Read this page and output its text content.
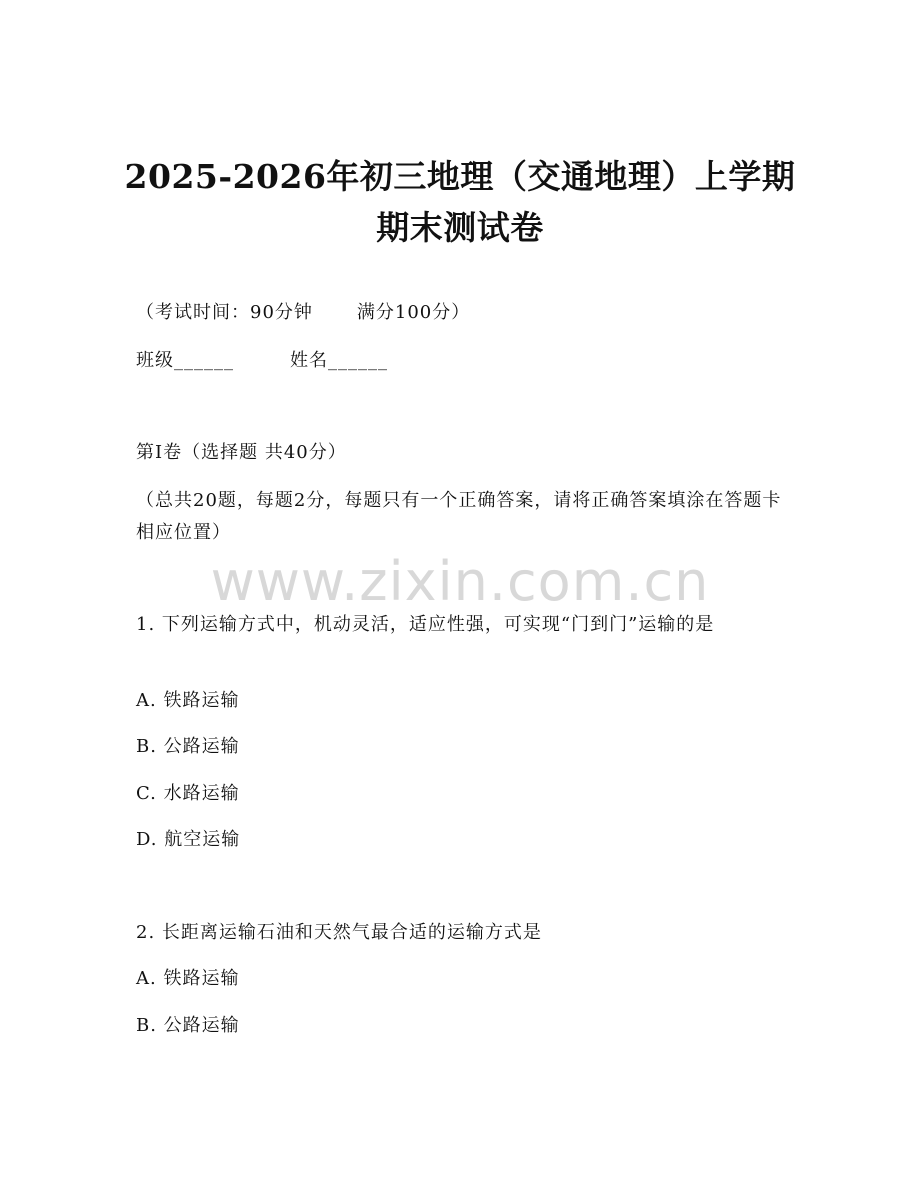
2025-2026年初三地理（交通地理）上学期
期末测试卷
（考试时间：90分钟 满分100分）
班级______	姓名______
第Ⅰ卷（选择题 共40分）
（总共20题，每题2分，每题只有一个正确答案，请将正确答案填涂在答题卡相应位置）
www.zixin.com.cn
1. 下列运输方式中，机动灵活，适应性强，可实现“门到门”运输的是
A. 铁路运输
B. 公路运输
C. 水路运输
D. 航空运输
2. 长距离运输石油和天然气最合适的运输方式是
A. 铁路运输
B. 公路运输
